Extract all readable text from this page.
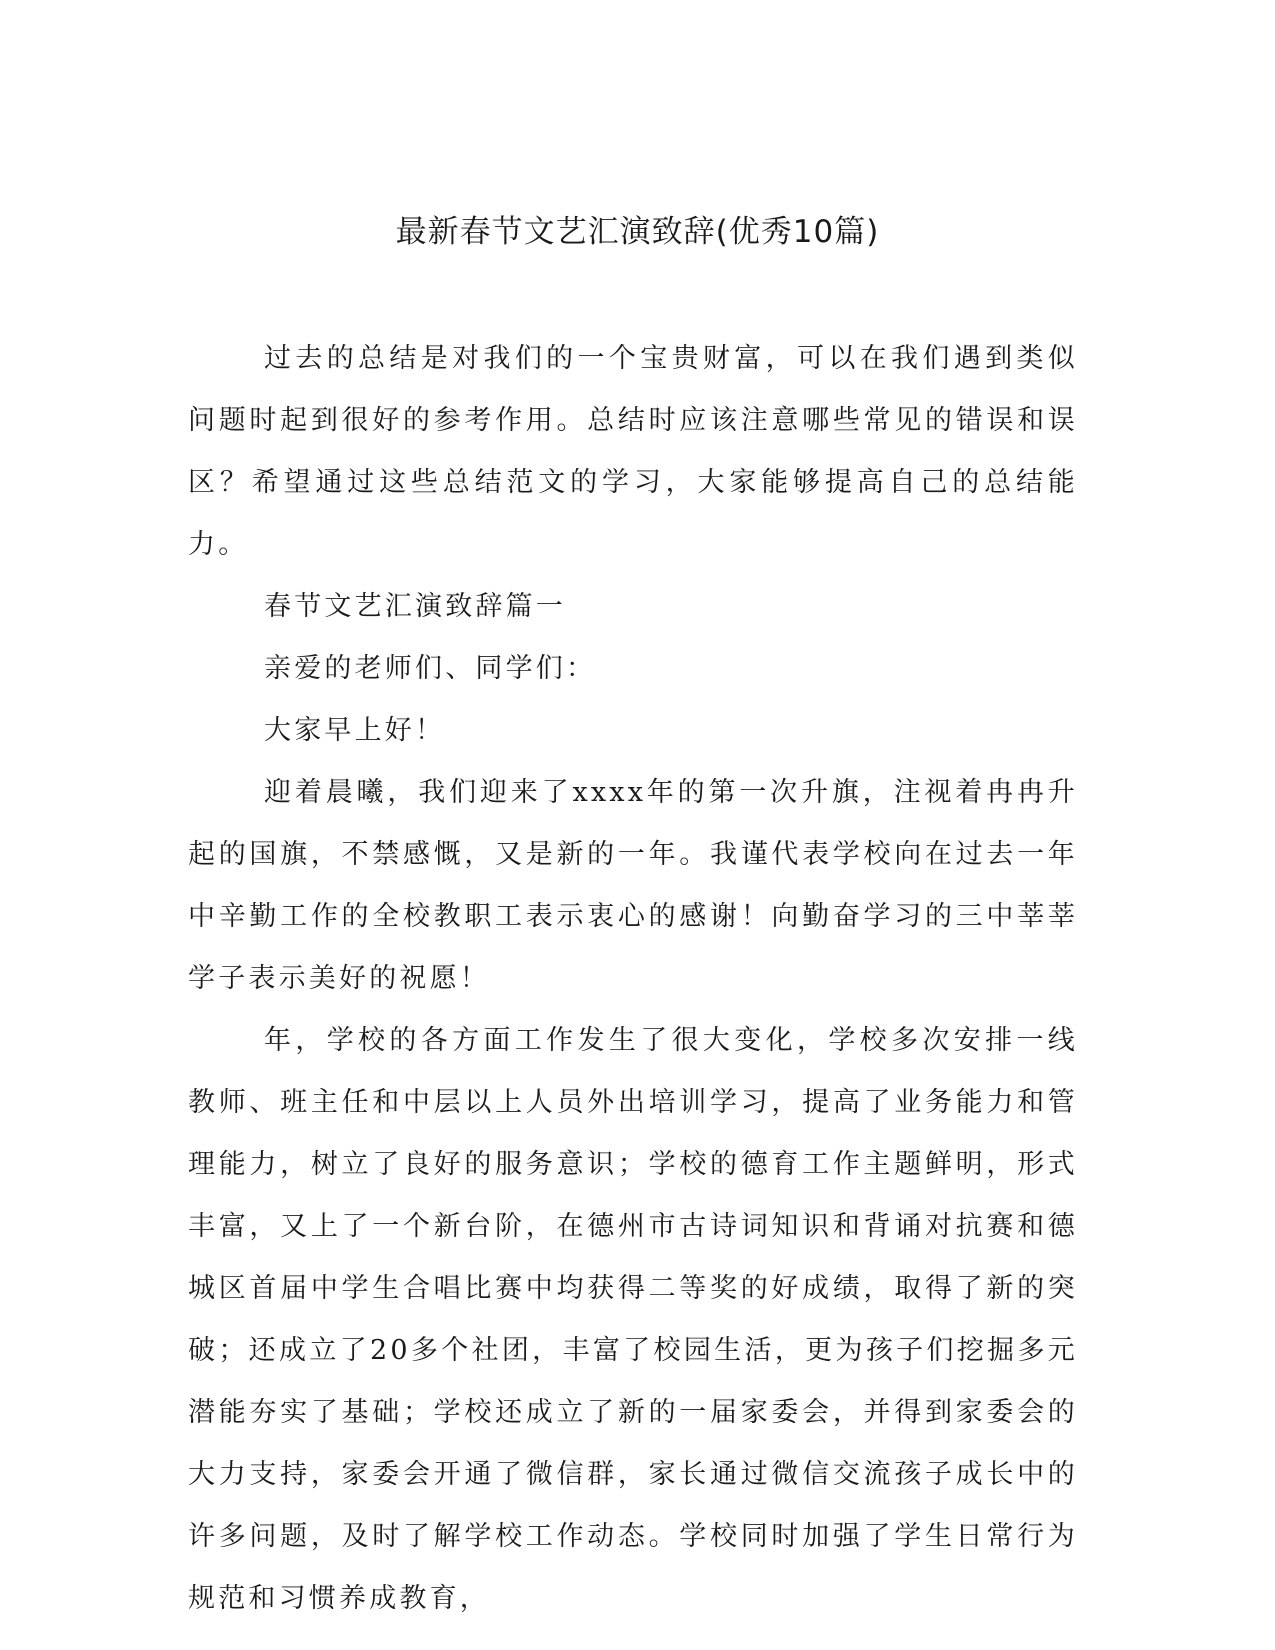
最新春节文艺汇演致辞(优秀10篇)

过去的总结是对我们的一个宝贵财富，可以在我们遇到类似问题时起到很好的参考作用。总结时应该注意哪些常见的错误和误区？希望通过这些总结范文的学习，大家能够提高自己的总结能力。

春节文艺汇演致辞篇一

亲爱的老师们、同学们：

大家早上好！

迎着晨曦，我们迎来了xxxx年的第一次升旗，注视着冉冉升起的国旗，不禁感慨，又是新的一年。我谨代表学校向在过去一年中辛勤工作的全校教职工表示衷心的感谢！向勤奋学习的三中莘莘学子表示美好的祝愿！

年，学校的各方面工作发生了很大变化，学校多次安排一线教师、班主任和中层以上人员外出培训学习，提高了业务能力和管理能力，树立了良好的服务意识；学校的德育工作主题鲜明，形式丰富，又上了一个新台阶，在德州市古诗词知识和背诵对抗赛和德城区首届中学生合唱比赛中均获得二等奖的好成绩，取得了新的突破；还成立了20多个社团，丰富了校园生活，更为孩子们挖掘多元潜能夯实了基础；学校还成立了新的一届家委会，并得到家委会的大力支持，家委会开通了微信群，家长通过微信交流孩子成长中的许多问题，及时了解学校工作动态。学校同时加强了学生日常行为规范和习惯养成教育，
